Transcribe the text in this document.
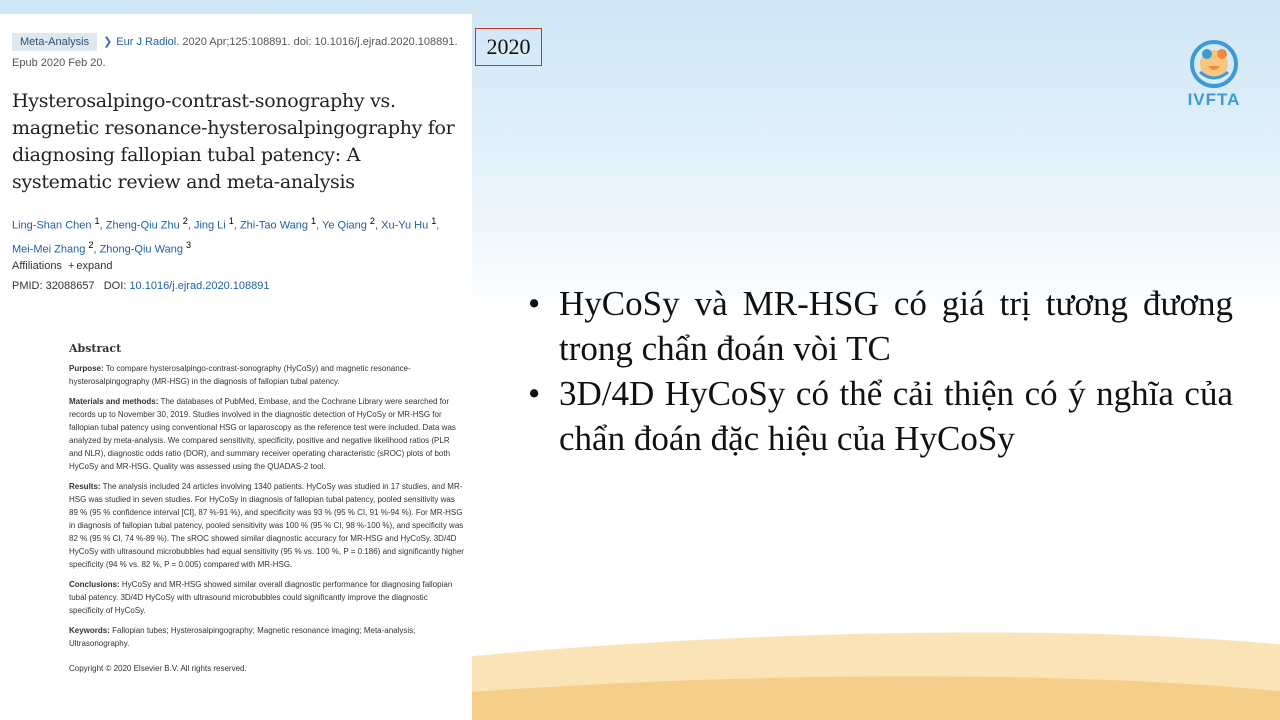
Meta-Analysis ❯ Eur J Radiol. 2020 Apr;125:108891. doi: 10.1016/j.ejrad.2020.108891.
Epub 2020 Feb 20.
Hysterosalpingo-contrast-sonography vs. magnetic resonance-hysterosalpingography for diagnosing fallopian tubal patency: A systematic review and meta-analysis
Ling-Shan Chen $^1$, Zheng-Qiu Zhu $^2$, Jing Li $^1$, Zhi-Tao Wang $^1$, Ye Qiang $^2$, Xu-Yu Hu $^1$, Mei-Mei Zhang $^2$, Zhong-Qiu Wang $^3$
Affiliations + expand
PMID: 32088657 DOI: 10.1016/j.ejrad.2020.108891
Abstract

Purpose: To compare hysterosalpingo-contrast-sonography (HyCoSy) and magnetic resonance-hysterosalpingography (MR-HSG) in the diagnosis of fallopian tubal patency.

Materials and methods: The databases of PubMed, Embase, and the Cochrane Library were searched for records up to November 30, 2019. Studies involved in the diagnostic detection of HyCoSy or MR-HSG for fallopian tubal patency using conventional HSG or laparoscopy as the reference test were included. Data was analyzed by meta-analysis. We compared sensitivity, specificity, positive and negative likelihood ratios (PLR and NLR), diagnostic odds ratio (DOR), and summary receiver operating characteristic (sROC) plots of both HyCoSy and MR-HSG. Quality was assessed using the QUADAS-2 tool.

Results: The analysis included 24 articles involving 1340 patients. HyCoSy was studied in 17 studies, and MR-HSG was studied in seven studies. For HyCoSy in diagnosis of fallopian tubal patency, pooled sensitivity was 89 % (95 % confidence interval [CI], 87 %-91 %), and specificity was 93 % (95 % CI, 91 %-94 %). For MR-HSG in diagnosis of fallopian tubal patency, pooled sensitivity was 100 % (95 % CI, 98 %-100 %), and specificity was 82 % (95 % CI, 74 %-89 %). The sROC showed similar diagnostic accuracy for MR-HSG and HyCoSy. 3D/4D HyCoSy with ultrasound microbubbles had equal sensitivity (95 % vs. 100 %, P = 0.186) and significantly higher specificity (94 % vs. 82 %, P = 0.005) compared with MR-HSG.

Conclusions: HyCoSy and MR-HSG showed similar overall diagnostic performance for diagnosing fallopian tubal patency. 3D/4D HyCoSy with ultrasound microbubbles could significantly improve the diagnostic specificity of HyCoSy.

Keywords: Fallopian tubes; Hysterosalpingography; Magnetic resonance imaging; Meta-analysis; Ultrasonography.

Copyright © 2020 Elsevier B.V. All rights reserved.

2020
IVFTA
• HyCoSy và MR-HSG có giá trị tương đương trong chẩn đoán vòi TC
• 3D/4D HyCoSy có thể cải thiện có ý nghĩa của chẩn đoán đặc hiệu của HyCoSy
